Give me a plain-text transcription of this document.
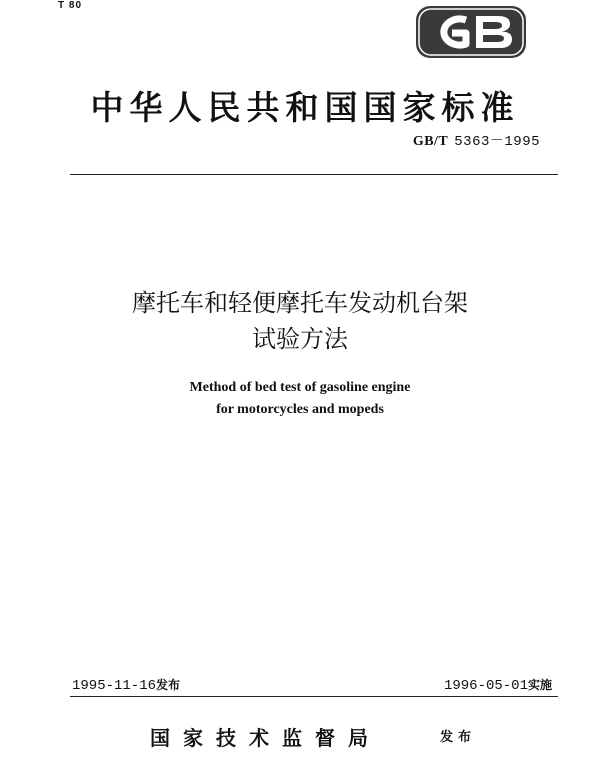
T 80
中华人民共和国国家标准
GB/T 5363－1995
摩托车和轻便摩托车发动机台架
试验方法
Method of bed test of gasoline engine
for motorcycles and mopeds
1995-11-16发布	1996-05-01实施
国家技术监督局	发布
